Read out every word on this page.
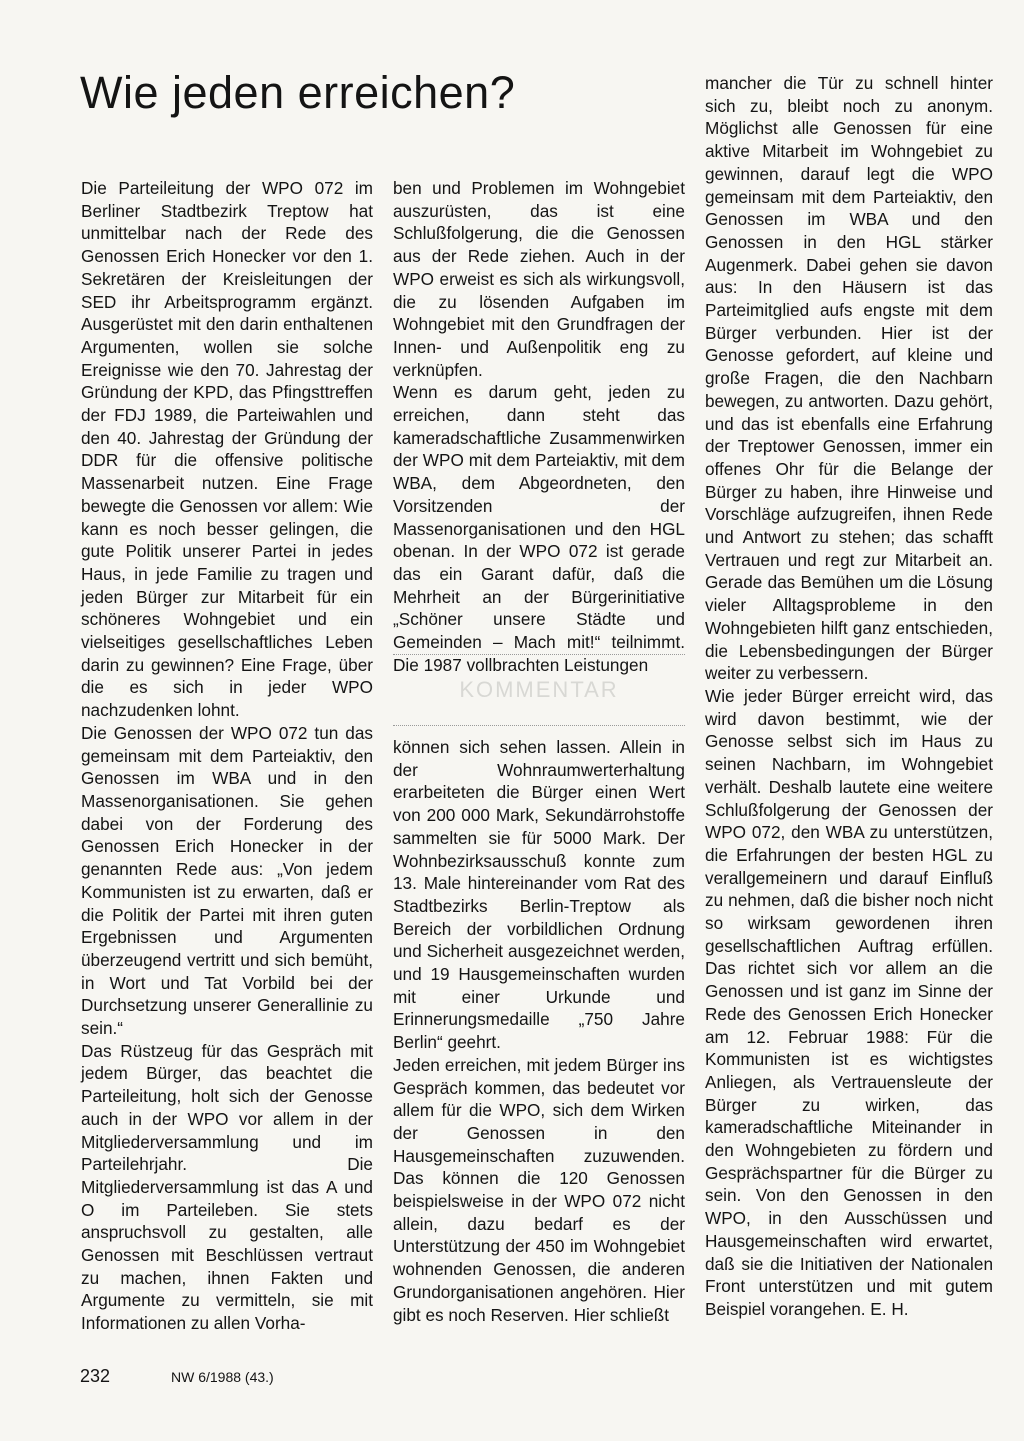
Wie jeden erreichen?

Die Parteileitung der WPO 072 im Berliner Stadtbezirk Treptow hat unmittelbar nach der Rede des Genossen Erich Honecker vor den 1. Sekretären der Kreisleitungen der SED ihr Arbeitsprogramm ergänzt. Ausgerüstet mit den darin enthaltenen Argumenten, wollen sie solche Ereignisse wie den 70. Jahrestag der Gründung der KPD, das Pfingsttreffen der FDJ 1989, die Parteiwahlen und den 40. Jahrestag der Gründung der DDR für die offensive politische Massenarbeit nutzen. Eine Frage bewegte die Genossen vor allem: Wie kann es noch besser gelingen, die gute Politik unserer Partei in jedes Haus, in jede Familie zu tragen und jeden Bürger zur Mitarbeit für ein schöneres Wohngebiet und ein vielseitiges gesellschaftliches Leben darin zu gewinnen? Eine Frage, über die es sich in jeder WPO nachzudenken lohnt.

Die Genossen der WPO 072 tun das gemeinsam mit dem Parteiaktiv, den Genossen im WBA und in den Massenorganisationen. Sie gehen dabei von der Forderung des Genossen Erich Honecker in der genannten Rede aus: „Von jedem Kommunisten ist zu erwarten, daß er die Politik der Partei mit ihren guten Ergebnissen und Argumenten überzeugend vertritt und sich bemüht, in Wort und Tat Vorbild bei der Durchsetzung unserer Generallinie zu sein.“

Das Rüstzeug für das Gespräch mit jedem Bürger, das beachtet die Parteileitung, holt sich der Genosse auch in der WPO vor allem in der Mitgliederversammlung und im Parteilehrjahr. Die Mitgliederversammlung ist das A und O im Parteileben. Sie stets anspruchsvoll zu gestalten, alle Genossen mit Beschlüssen vertraut zu machen, ihnen Fakten und Argumente zu vermitteln, sie mit Informationen zu allen Vorha-

ben und Problemen im Wohngebiet auszurüsten, das ist eine Schlußfolgerung, die die Genossen aus der Rede ziehen. Auch in der WPO erweist es sich als wirkungsvoll, die zu lösenden Aufgaben im Wohngebiet mit den Grundfragen der Innen- und Außenpolitik eng zu verknüpfen.

Wenn es darum geht, jeden zu erreichen, dann steht das kameradschaftliche Zusammenwirken der WPO mit dem Parteiaktiv, mit dem WBA, dem Abgeordneten, den Vorsitzenden der Massenorganisationen und den HGL obenan. In der WPO 072 ist gerade das ein Garant dafür, daß die Mehrheit an der Bürgerinitiative „Schöner unsere Städte und Gemeinden – Mach mit!“ teilnimmt. Die 1987 vollbrachten Leistungen

KOMMENTAR

können sich sehen lassen. Allein in der Wohnraumwerterhaltung erarbeiteten die Bürger einen Wert von 200 000 Mark, Sekundärrohstoffe sammelten sie für 5000 Mark. Der Wohnbezirksausschuß konnte zum 13. Male hintereinander vom Rat des Stadtbezirks Berlin-Treptow als Bereich der vorbildlichen Ordnung und Sicherheit ausgezeichnet werden, und 19 Hausgemeinschaften wurden mit einer Urkunde und Erinnerungsmedaille „750 Jahre Berlin“ geehrt.

Jeden erreichen, mit jedem Bürger ins Gespräch kommen, das bedeutet vor allem für die WPO, sich dem Wirken der Genossen in den Hausgemeinschaften zuzuwenden. Das können die 120 Genossen beispielsweise in der WPO 072 nicht allein, dazu bedarf es der Unterstützung der 450 im Wohngebiet wohnenden Genossen, die anderen Grundorganisationen angehören. Hier gibt es noch Reserven. Hier schließt

mancher die Tür zu schnell hinter sich zu, bleibt noch zu anonym. Möglichst alle Genossen für eine aktive Mitarbeit im Wohngebiet zu gewinnen, darauf legt die WPO gemeinsam mit dem Parteiaktiv, den Genossen im WBA und den Genossen in den HGL stärker Augenmerk. Dabei gehen sie davon aus: In den Häusern ist das Parteimitglied aufs engste mit dem Bürger verbunden. Hier ist der Genosse gefordert, auf kleine und große Fragen, die den Nachbarn bewegen, zu antworten. Dazu gehört, und das ist ebenfalls eine Erfahrung der Treptower Genossen, immer ein offenes Ohr für die Belange der Bürger zu haben, ihre Hinweise und Vorschläge aufzugreifen, ihnen Rede und Antwort zu stehen; das schafft Vertrauen und regt zur Mitarbeit an. Gerade das Bemühen um die Lösung vieler Alltagsprobleme in den Wohngebieten hilft ganz entschieden, die Lebensbedingungen der Bürger weiter zu verbessern.

Wie jeder Bürger erreicht wird, das wird davon bestimmt, wie der Genosse selbst sich im Haus zu seinen Nachbarn, im Wohngebiet verhält. Deshalb lautete eine weitere Schlußfolgerung der Genossen der WPO 072, den WBA zu unterstützen, die Erfahrungen der besten HGL zu verallgemeinern und darauf Einfluß zu nehmen, daß die bisher noch nicht so wirksam gewordenen ihren gesellschaftlichen Auftrag erfüllen. Das richtet sich vor allem an die Genossen und ist ganz im Sinne der Rede des Genossen Erich Honecker am 12. Februar 1988: Für die Kommunisten ist es wichtigstes Anliegen, als Vertrauensleute der Bürger zu wirken, das kameradschaftliche Miteinander in den Wohngebieten zu fördern und Gesprächspartner für die Bürger zu sein. Von den Genossen in den WPO, in den Ausschüssen und Hausgemeinschaften wird erwartet, daß sie die Initiativen der Nationalen Front unterstützen und mit gutem Beispiel vorangehen. E. H.

232	NW 6/1988 (43.)
